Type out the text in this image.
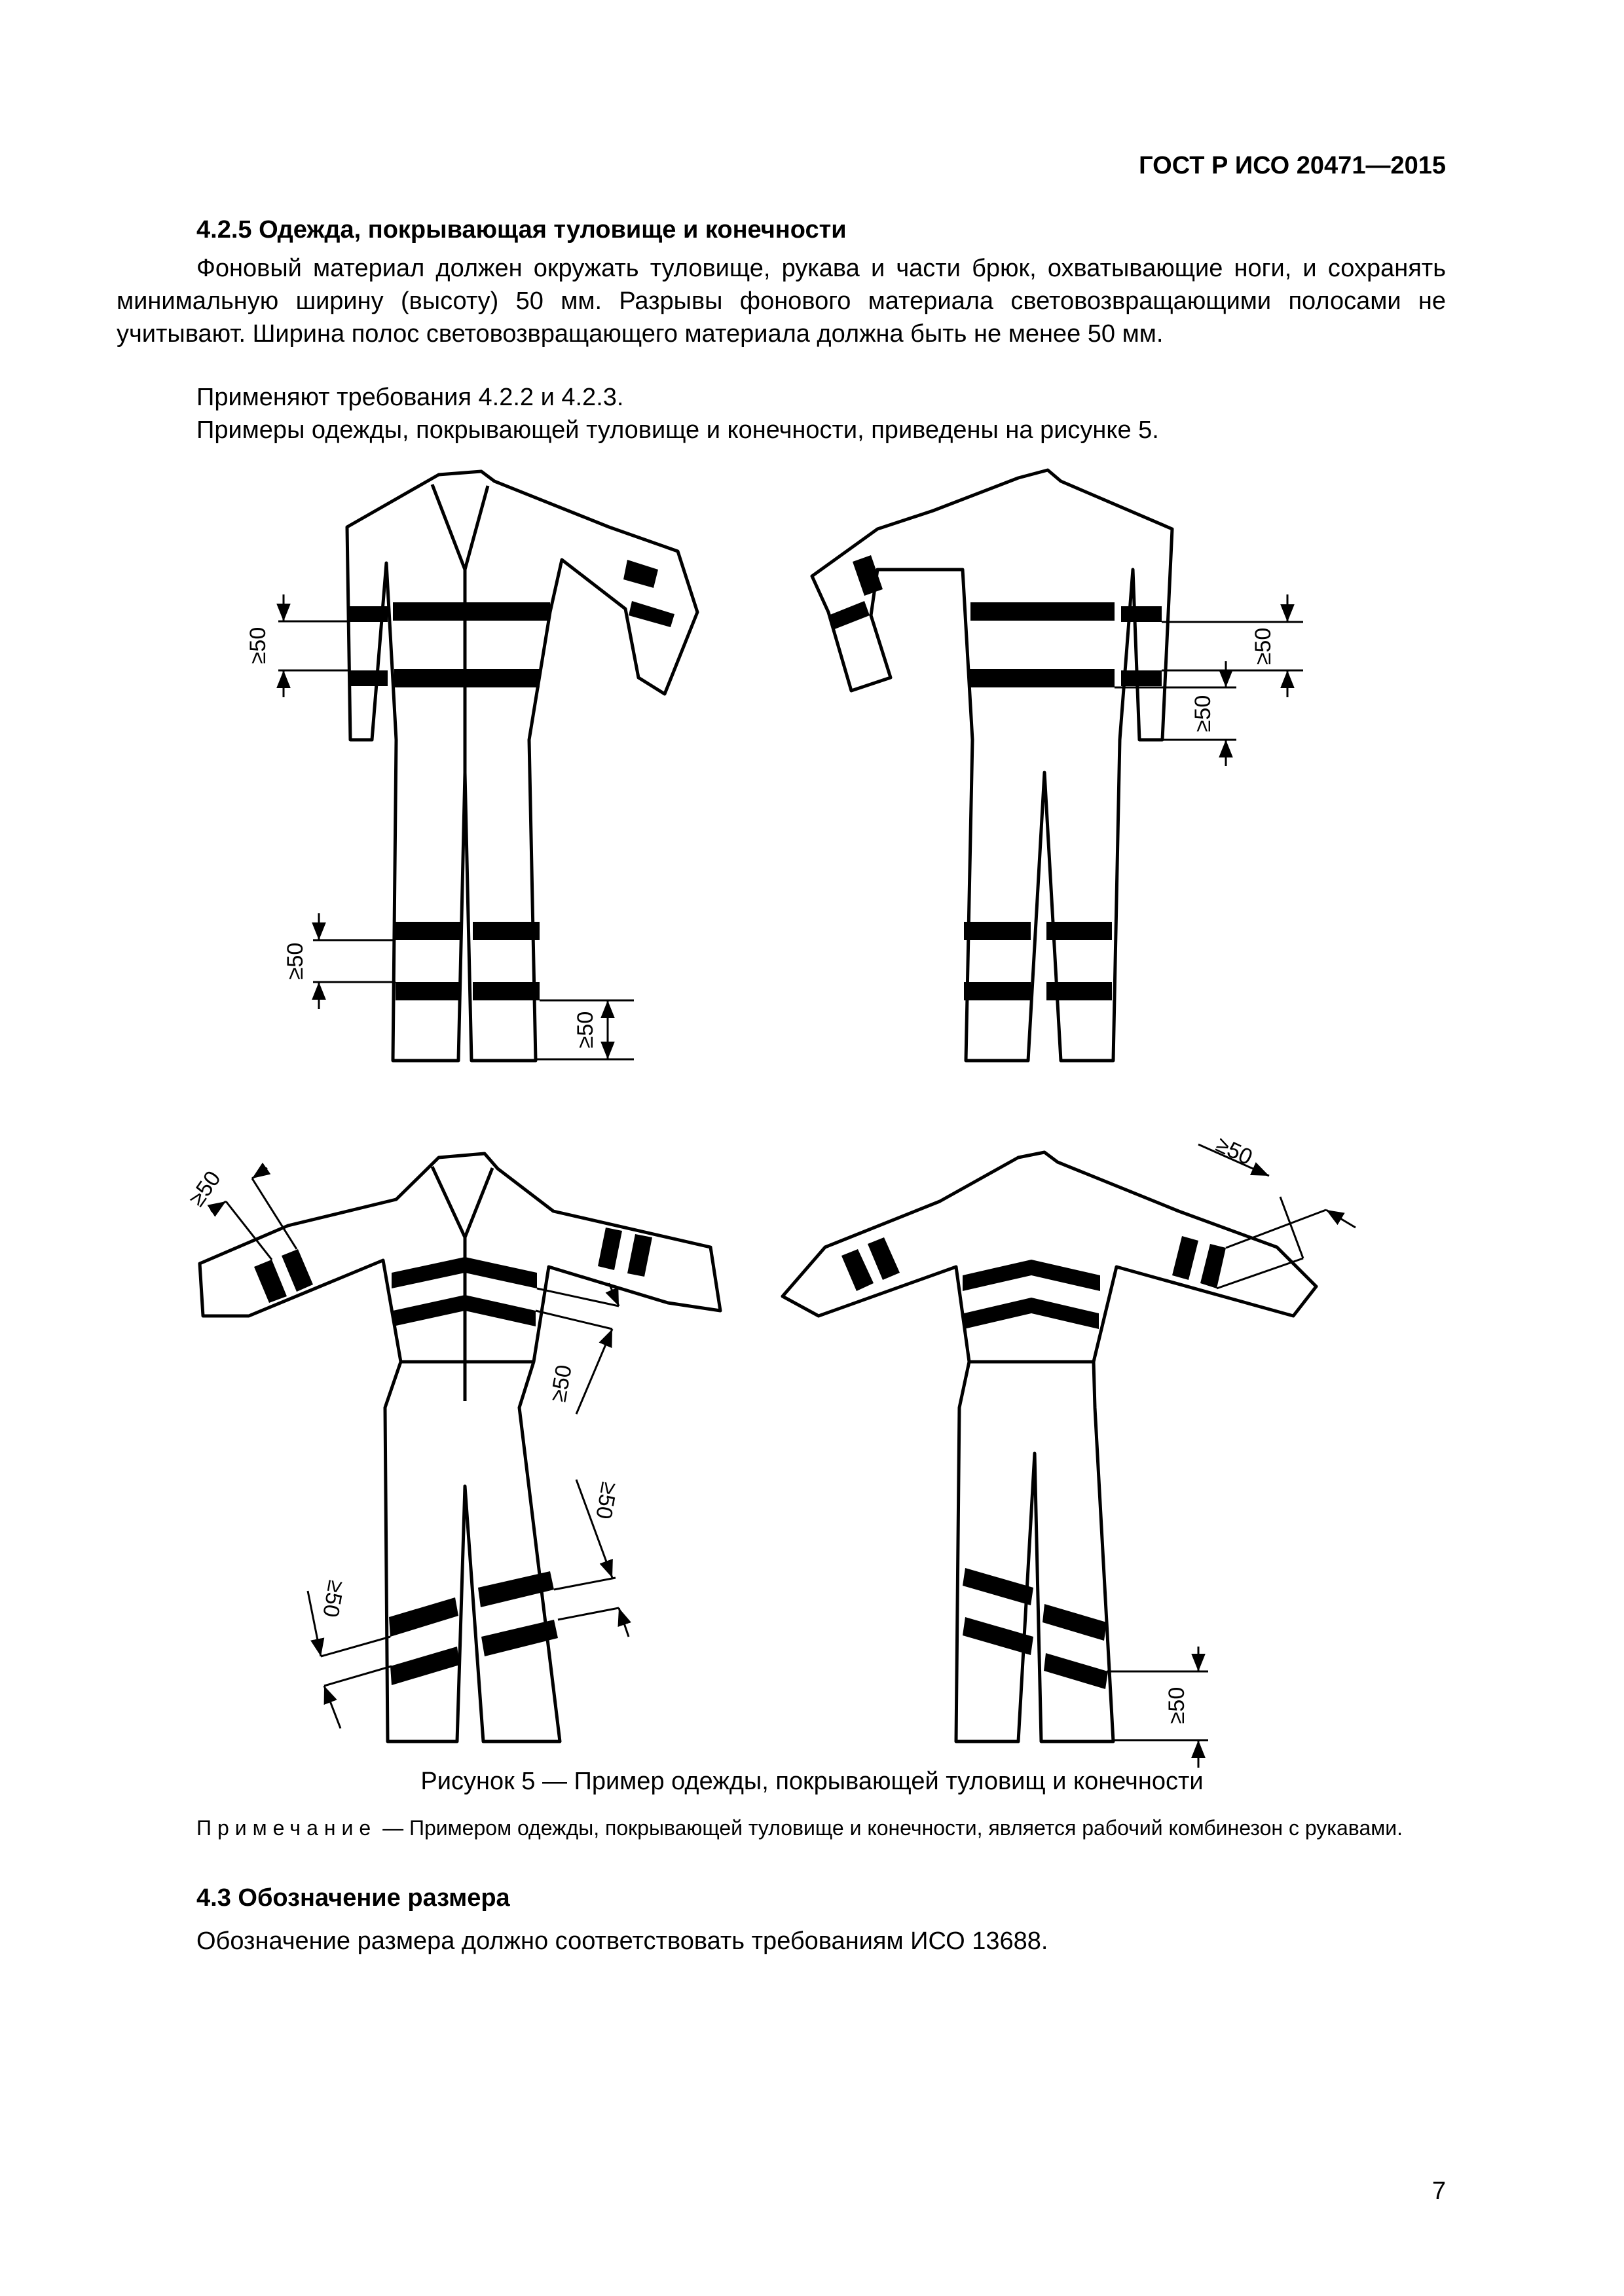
ГОСТ Р ИСО 20471—2015
4.2.5 Одежда, покрывающая туловище и конечности

Фоновый материал должен окружать туловище, рукава и части брюк, охватывающие ноги, и сохранять минимальную ширину (высоту) 50 мм. Разрывы фонового материала световозвращающими полосами не учитывают. Ширина полос световозвращающего материала должна быть не менее 50 мм.

Применяют требования 4.2.2 и 4.2.3.

Примеры одежды, покрывающей туловище и конечности, приведены на рисунке 5.

≥50
≥50
≥50
≥50
≥50
≥50
≥50
≥50
≥50
≥50
≥50
Рисунок 5 — Пример одежды, покрывающей туловищ и конечности

Примечание — Примером одежды, покрывающей туловище и конечности, является рабочий комбинезон с рукавами.

4.3 Обозначение размера

Обозначение размера должно соответствовать требованиям ИСО 13688.

7
